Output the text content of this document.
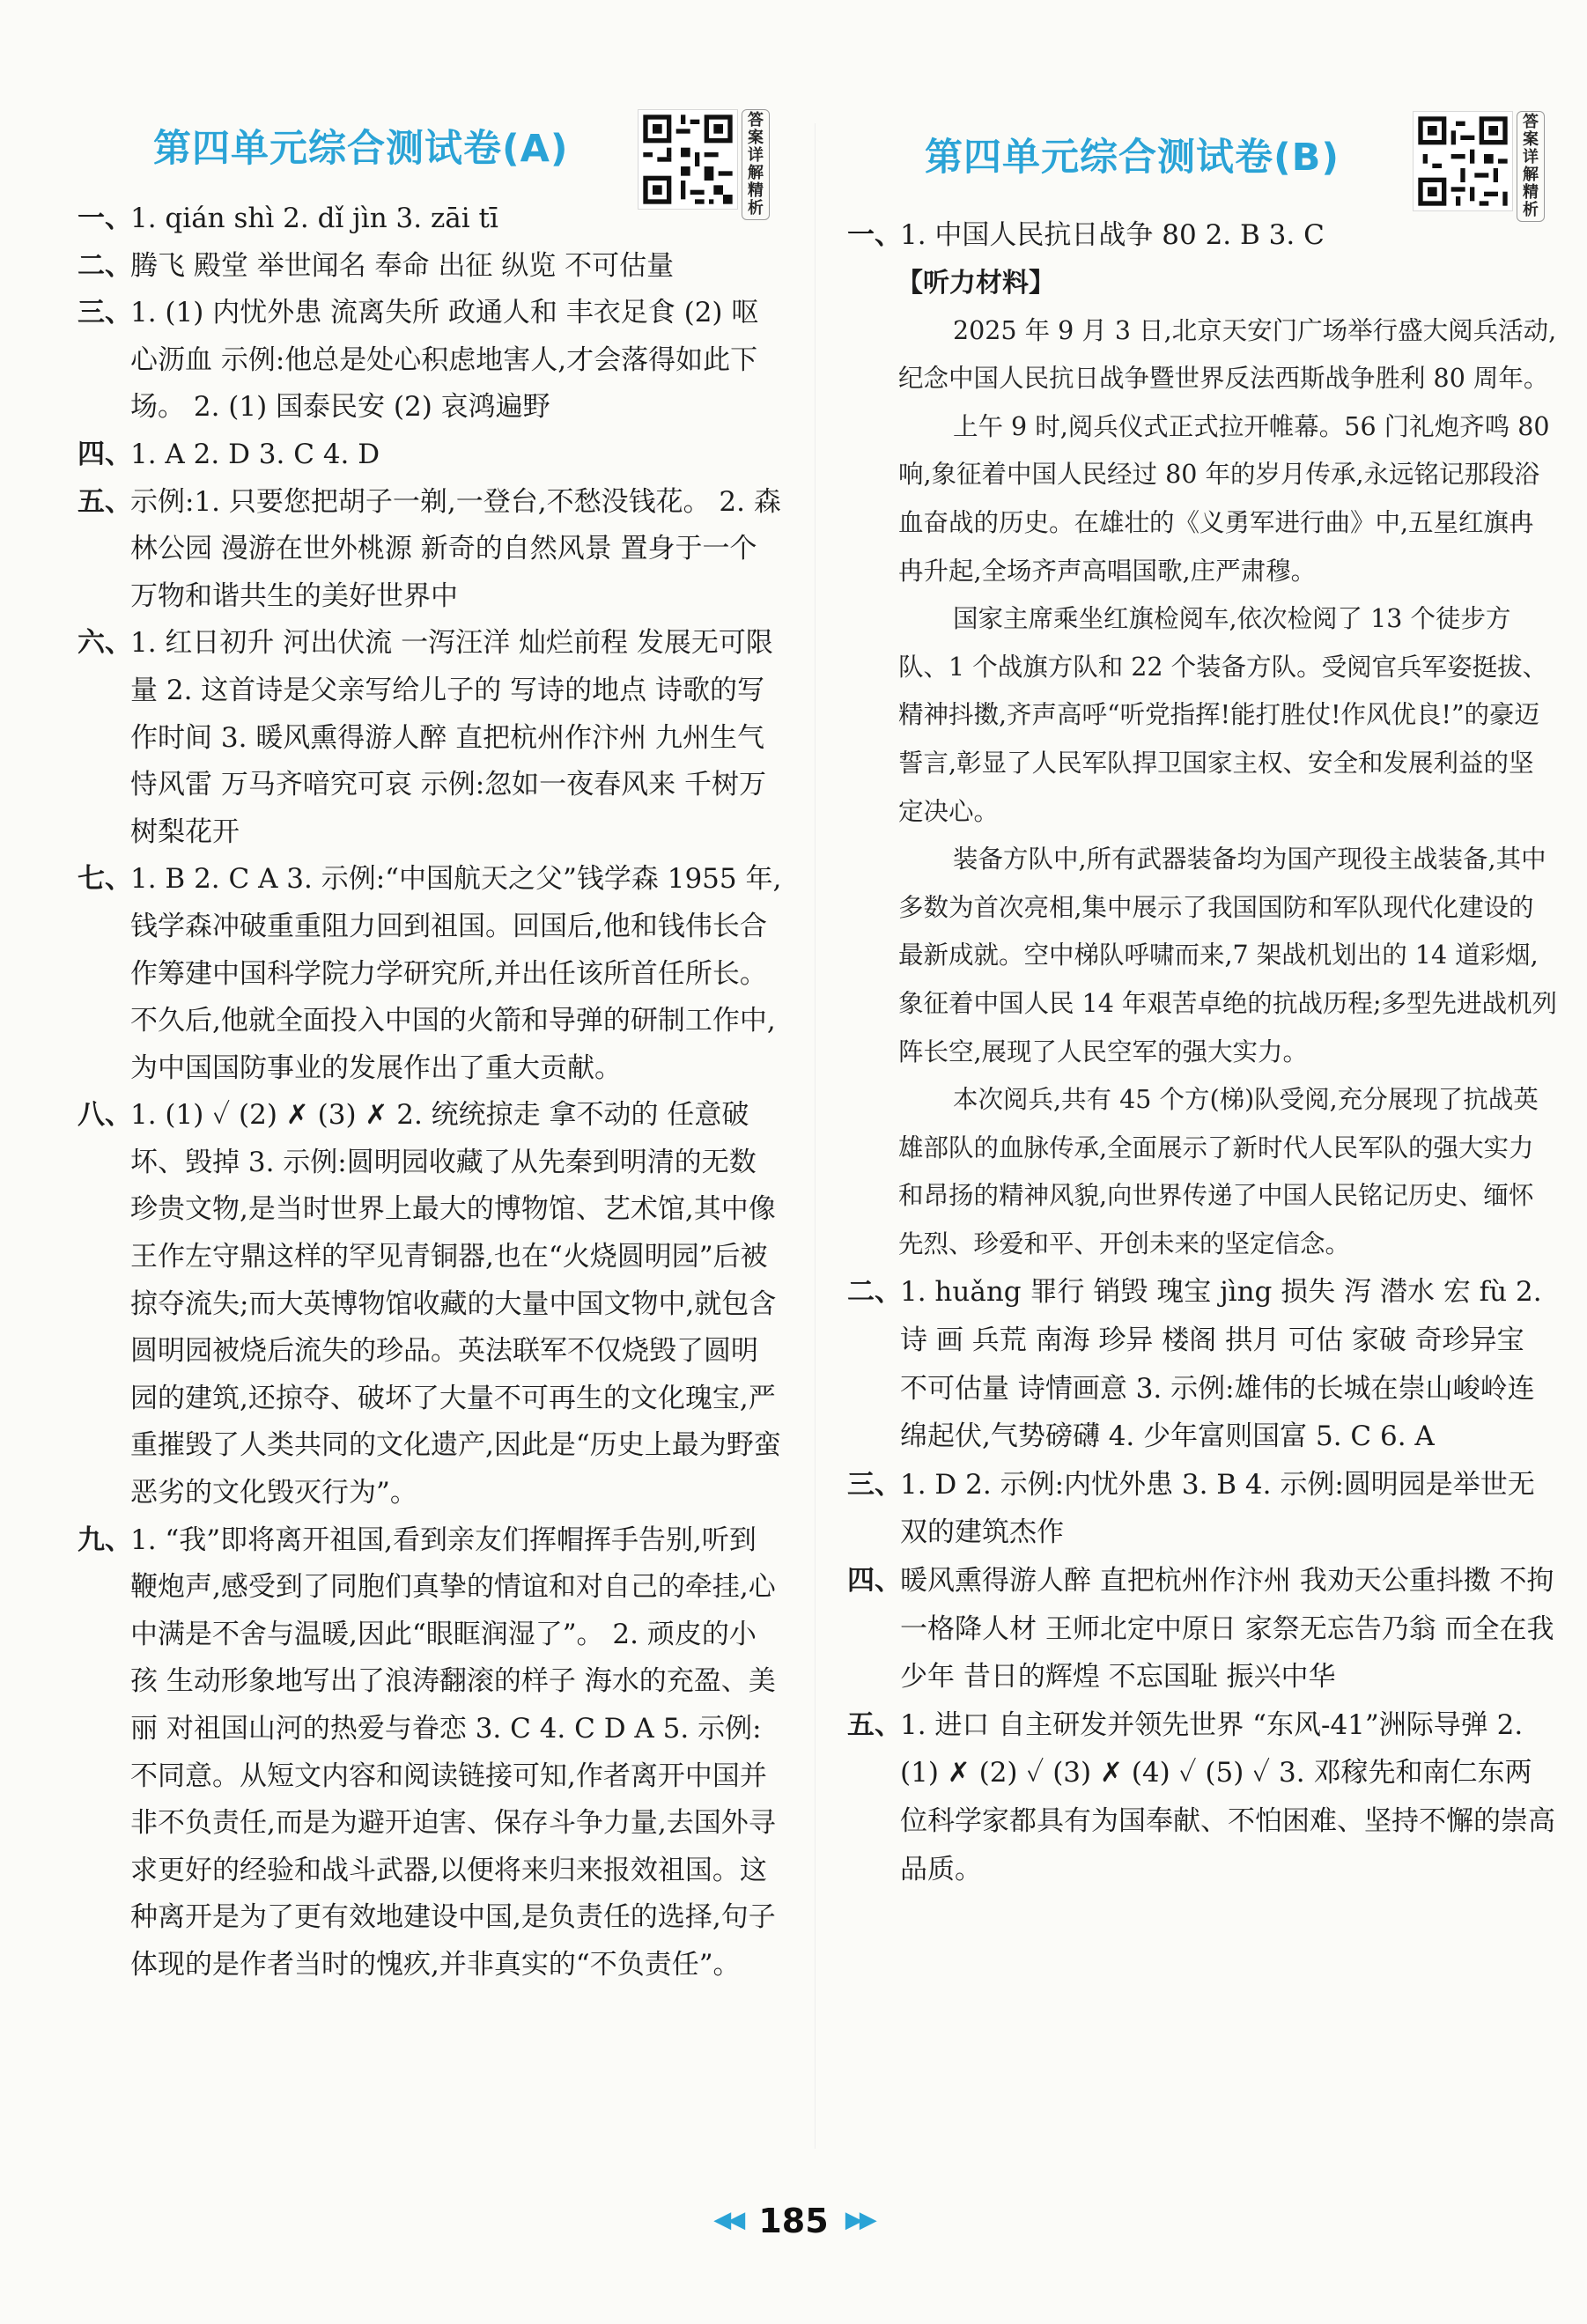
第四单元综合测试卷(A)
答案详解精析
一、
1. qián shì 2. dǐ jìn 3. zāi tī
二、
腾飞 殿堂 举世闻名 奉命 出征 纵览 不可估量
三、
1. (1) 内忧外患 流离失所 政通人和 丰衣足食 (2) 呕心沥血 示例:他总是处心积虑地害人,才会落得如此下场。 2. (1) 国泰民安 (2) 哀鸿遍野
四、
1. A 2. D 3. C 4. D
五、
示例:1. 只要您把胡子一剃,一登台,不愁没钱花。 2. 森林公园 漫游在世外桃源 新奇的自然风景 置身于一个万物和谐共生的美好世界中
六、
1. 红日初升 河出伏流 一泻汪洋 灿烂前程 发展无可限量 2. 这首诗是父亲写给儿子的 写诗的地点 诗歌的写作时间 3. 暖风熏得游人醉 直把杭州作汴州 九州生气恃风雷 万马齐喑究可哀 示例:忽如一夜春风来 千树万树梨花开
七、
1. B 2. C A 3. 示例:“中国航天之父”钱学森 1955 年,钱学森冲破重重阻力回到祖国。回国后,他和钱伟长合作筹建中国科学院力学研究所,并出任该所首任所长。不久后,他就全面投入中国的火箭和导弹的研制工作中,为中国国防事业的发展作出了重大贡献。
八、
1. (1) ✓ (2) ✗ (3) ✗ 2. 统统掠走 拿不动的 任意破坏、毁掉 3. 示例:圆明园收藏了从先秦到明清的无数珍贵文物,是当时世界上最大的博物馆、艺术馆,其中像王作左守鼎这样的罕见青铜器,也在“火烧圆明园”后被掠夺流失;而大英博物馆收藏的大量中国文物中,就包含圆明园被烧后流失的珍品。英法联军不仅烧毁了圆明园的建筑,还掠夺、破坏了大量不可再生的文化瑰宝,严重摧毁了人类共同的文化遗产,因此是“历史上最为野蛮恶劣的文化毁灭行为”。
九、
1. “我”即将离开祖国,看到亲友们挥帽挥手告别,听到鞭炮声,感受到了同胞们真挚的情谊和对自己的牵挂,心中满是不舍与温暖,因此“眼眶润湿了”。 2. 顽皮的小孩 生动形象地写出了浪涛翻滚的样子 海水的充盈、美丽 对祖国山河的热爱与眷恋 3. C 4. C D A 5. 示例:不同意。从短文内容和阅读链接可知,作者离开中国并非不负责任,而是为避开迫害、保存斗争力量,去国外寻求更好的经验和战斗武器,以便将来归来报效祖国。这种离开是为了更有效地建设中国,是负责任的选择,句子体现的是作者当时的愧疚,并非真实的“不负责任”。
第四单元综合测试卷(B)
答案详解精析
一、
1. 中国人民抗日战争 80 2. B 3. C
【听力材料】

2025 年 9 月 3 日,北京天安门广场举行盛大阅兵活动,纪念中国人民抗日战争暨世界反法西斯战争胜利 80 周年。

上午 9 时,阅兵仪式正式拉开帷幕。56 门礼炮齐鸣 80 响,象征着中国人民经过 80 年的岁月传承,永远铭记那段浴血奋战的历史。在雄壮的《义勇军进行曲》中,五星红旗冉冉升起,全场齐声高唱国歌,庄严肃穆。

国家主席乘坐红旗检阅车,依次检阅了 13 个徒步方队、1 个战旗方队和 22 个装备方队。受阅官兵军姿挺拔、精神抖擞,齐声高呼“听党指挥!能打胜仗!作风优良!”的豪迈誓言,彰显了人民军队捍卫国家主权、安全和发展利益的坚定决心。

装备方队中,所有武器装备均为国产现役主战装备,其中多数为首次亮相,集中展示了我国国防和军队现代化建设的最新成就。空中梯队呼啸而来,7 架战机划出的 14 道彩烟,象征着中国人民 14 年艰苦卓绝的抗战历程;多型先进战机列阵长空,展现了人民空军的强大实力。

本次阅兵,共有 45 个方(梯)队受阅,充分展现了抗战英雄部队的血脉传承,全面展示了新时代人民军队的强大实力和昂扬的精神风貌,向世界传递了中国人民铭记历史、缅怀先烈、珍爱和平、开创未来的坚定信念。

二、
1. huǎng 罪行 销毁 瑰宝 jìng 损失 泻 潜水 宏 fù 2. 诗 画 兵荒 南海 珍异 楼阁 拱月 可估 家破 奇珍异宝 不可估量 诗情画意 3. 示例:雄伟的长城在崇山峻岭连绵起伏,气势磅礴 4. 少年富则国富 5. C 6. A
三、
1. D 2. 示例:内忧外患 3. B 4. 示例:圆明园是举世无双的建筑杰作
四、
暖风熏得游人醉 直把杭州作汴州 我劝天公重抖擞 不拘一格降人材 王师北定中原日 家祭无忘告乃翁 而全在我少年 昔日的辉煌 不忘国耻 振兴中华
五、
1. 进口 自主研发并领先世界 “东风-41”洲际导弹 2. (1) ✗ (2) ✓ (3) ✗ (4) ✓ (5) ✓ 3. 邓稼先和南仁东两位科学家都具有为国奉献、不怕困难、坚持不懈的崇高品质。
◀◀ 185 ▶▶
